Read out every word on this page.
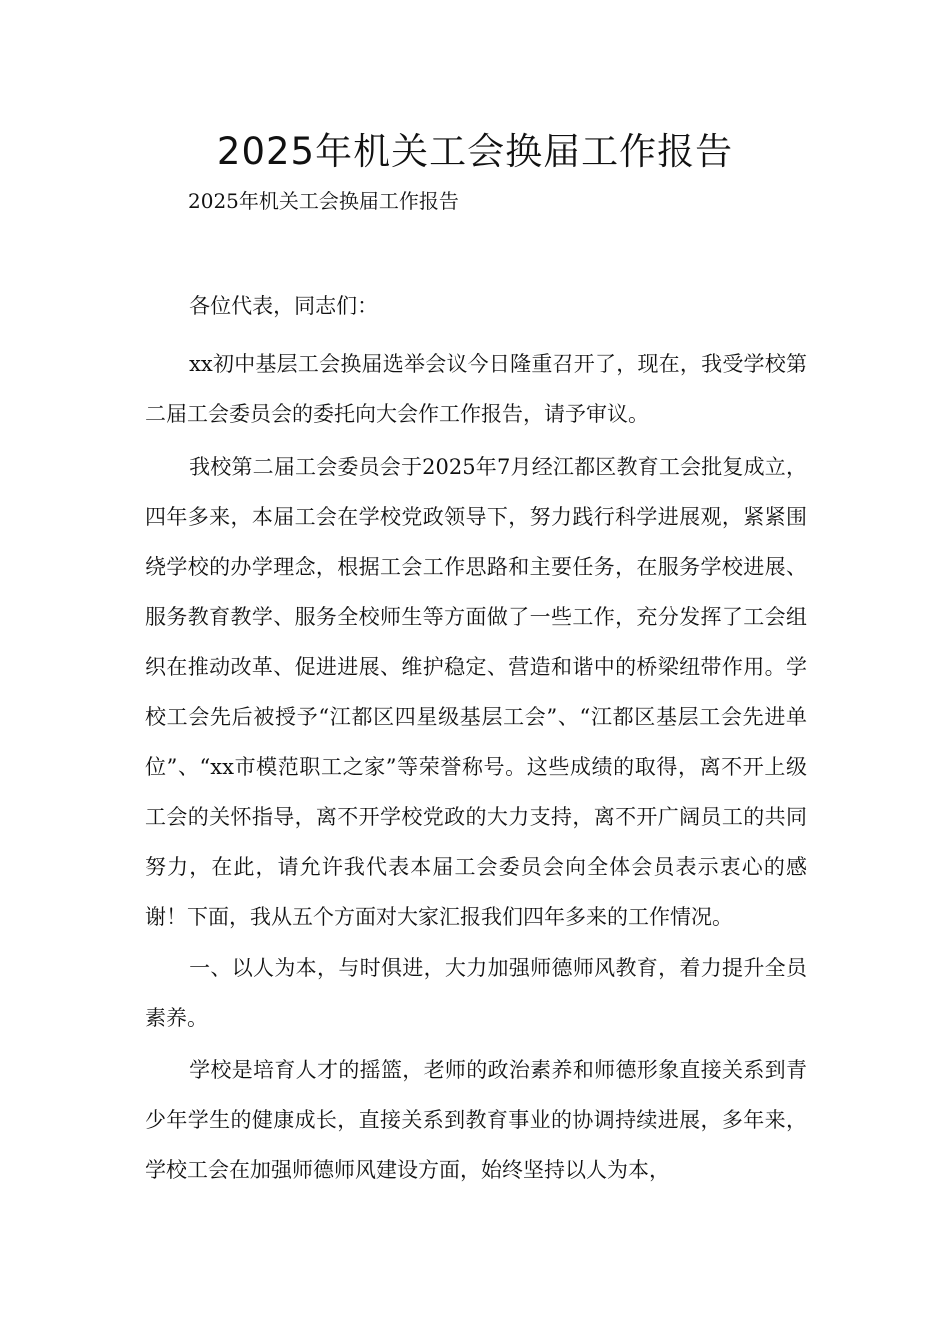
2025年机关工会换届工作报告
2025年机关工会换届工作报告

各位代表，同志们：

xx初中基层工会换届选举会议今日隆重召开了，现在，我受学校第二届工会委员会的委托向大会作工作报告，请予审议。

我校第二届工会委员会于2025年7月经江都区教育工会批复成立，四年多来，本届工会在学校党政领导下，努力践行科学进展观，紧紧围绕学校的办学理念，根据工会工作思路和主要任务，在服务学校进展、服务教育教学、服务全校师生等方面做了一些工作，充分发挥了工会组织在推动改革、促进进展、维护稳定、营造和谐中的桥梁纽带作用。学校工会先后被授予“江都区四星级基层工会”、“江都区基层工会先进单位”、“xx市模范职工之家”等荣誉称号。这些成绩的取得，离不开上级工会的关怀指导，离不开学校党政的大力支持，离不开广阔员工的共同努力，在此，请允许我代表本届工会委员会向全体会员表示衷心的感谢！下面，我从五个方面对大家汇报我们四年多来的工作情况。

一、以人为本，与时俱进，大力加强师德师风教育，着力提升全员素养。

学校是培育人才的摇篮，老师的政治素养和师德形象直接关系到青少年学生的健康成长，直接关系到教育事业的协调持续进展，多年来，学校工会在加强师德师风建设方面，始终坚持以人为本，
